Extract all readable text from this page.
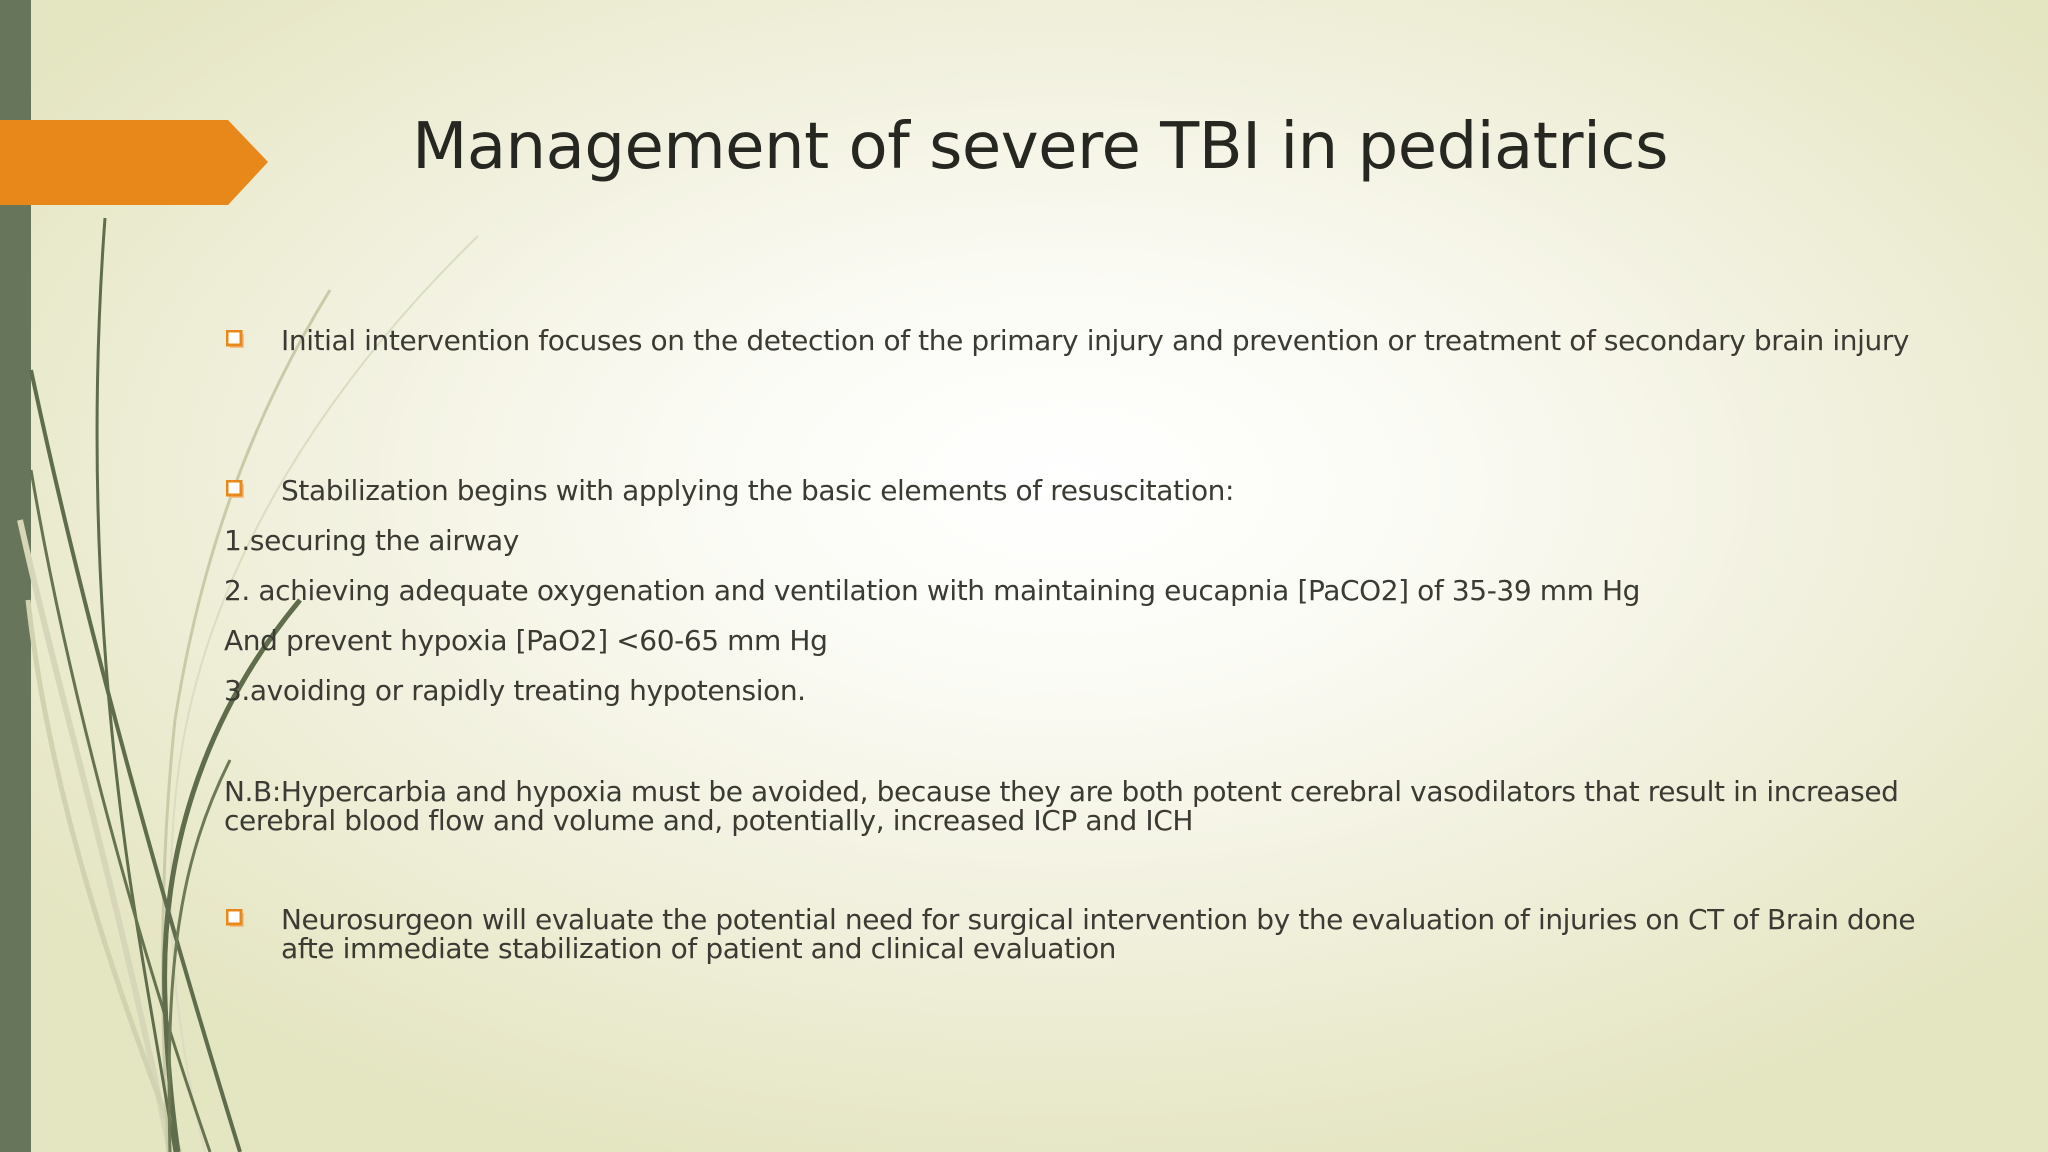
Management of severe TBI in pediatrics
Initial intervention focuses on the detection of the primary injury and prevention or treatment of secondary brain injury
Stabilization begins with applying the basic elements of resuscitation:
1.securing the airway
2. achieving adequate oxygenation and ventilation with maintaining eucapnia [PaCO2] of 35-39 mm Hg
And prevent hypoxia [PaO2] <60-65 mm Hg
3.avoiding or rapidly treating hypotension.
N.B:Hypercarbia and hypoxia must be avoided, because they are both potent cerebral vasodilators that result in increased
cerebral blood flow and volume and, potentially, increased ICP and ICH
Neurosurgeon will evaluate the potential need for surgical intervention by the evaluation of injuries on CT of Brain done
afte immediate stabilization of patient and clinical evaluation
